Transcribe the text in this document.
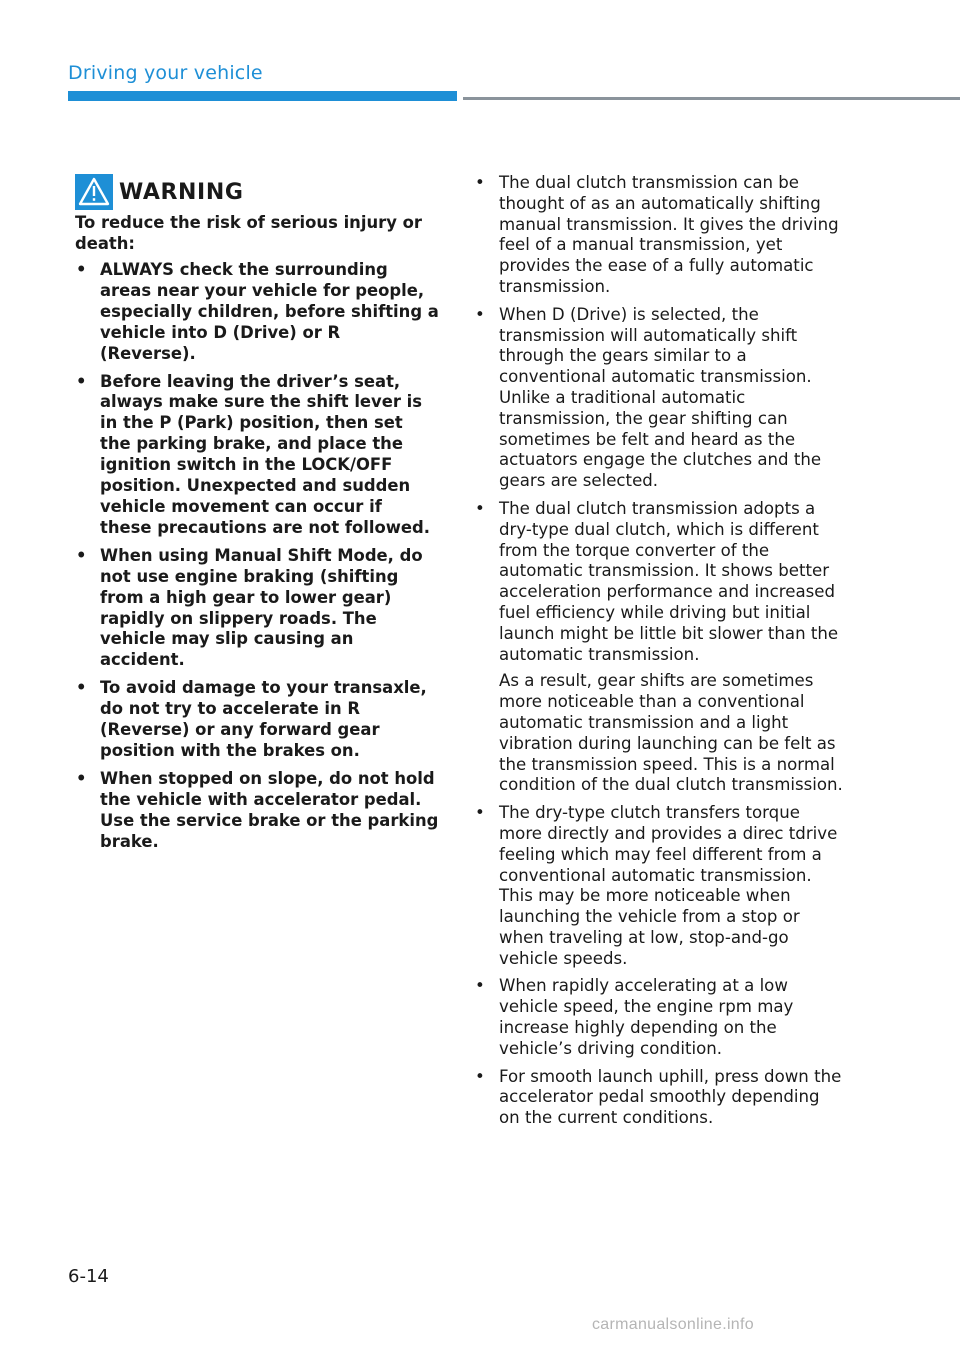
Driving your vehicle
WARNING

To reduce the risk of serious injury or death:

• ALWAYS check the surrounding areas near your vehicle for people, especially children, before shifting a vehicle into D (Drive) or R (Reverse).
• Before leaving the driver’s seat, always make sure the shift lever is in the P (Park) position, then set the parking brake, and place the ignition switch in the LOCK/OFF position. Unexpected and sudden vehicle movement can occur if these precautions are not followed.
• When using Manual Shift Mode, do not use engine braking (shifting from a high gear to lower gear) rapidly on slippery roads. The vehicle may slip causing an accident.
• To avoid damage to your transaxle, do not try to accelerate in R (Reverse) or any forward gear position with the brakes on.
• When stopped on slope, do not hold the vehicle with accelerator pedal. Use the service brake or the parking brake.
• The dual clutch transmission can be thought of as an automatically shifting manual transmission. It gives the driving feel of a manual transmission, yet provides the ease of a fully automatic transmission.
• When D (Drive) is selected, the transmission will automatically shift through the gears similar to a conventional automatic transmission. Unlike a traditional automatic transmission, the gear shifting can sometimes be felt and heard as the actuators engage the clutches and the gears are selected.
• The dual clutch transmission adopts a dry-type dual clutch, which is different from the torque converter of the automatic transmission. It shows better acceleration performance and increased fuel efficiency while driving but initial launch might be little bit slower than the automatic transmission.
As a result, gear shifts are sometimes more noticeable than a conventional automatic transmission and a light vibration during launching can be felt as the transmission speed. This is a normal condition of the dual clutch transmission.
• The dry-type clutch transfers torque more directly and provides a direc tdrive feeling which may feel different from a conventional automatic transmission. This may be more noticeable when launching the vehicle from a stop or when traveling at low, stop-and-go vehicle speeds.
• When rapidly accelerating at a low vehicle speed, the engine rpm may increase highly depending on the vehicle’s driving condition.
• For smooth launch uphill, press down the accelerator pedal smoothly depending on the current conditions.
6-14
carmanualsonline.info
